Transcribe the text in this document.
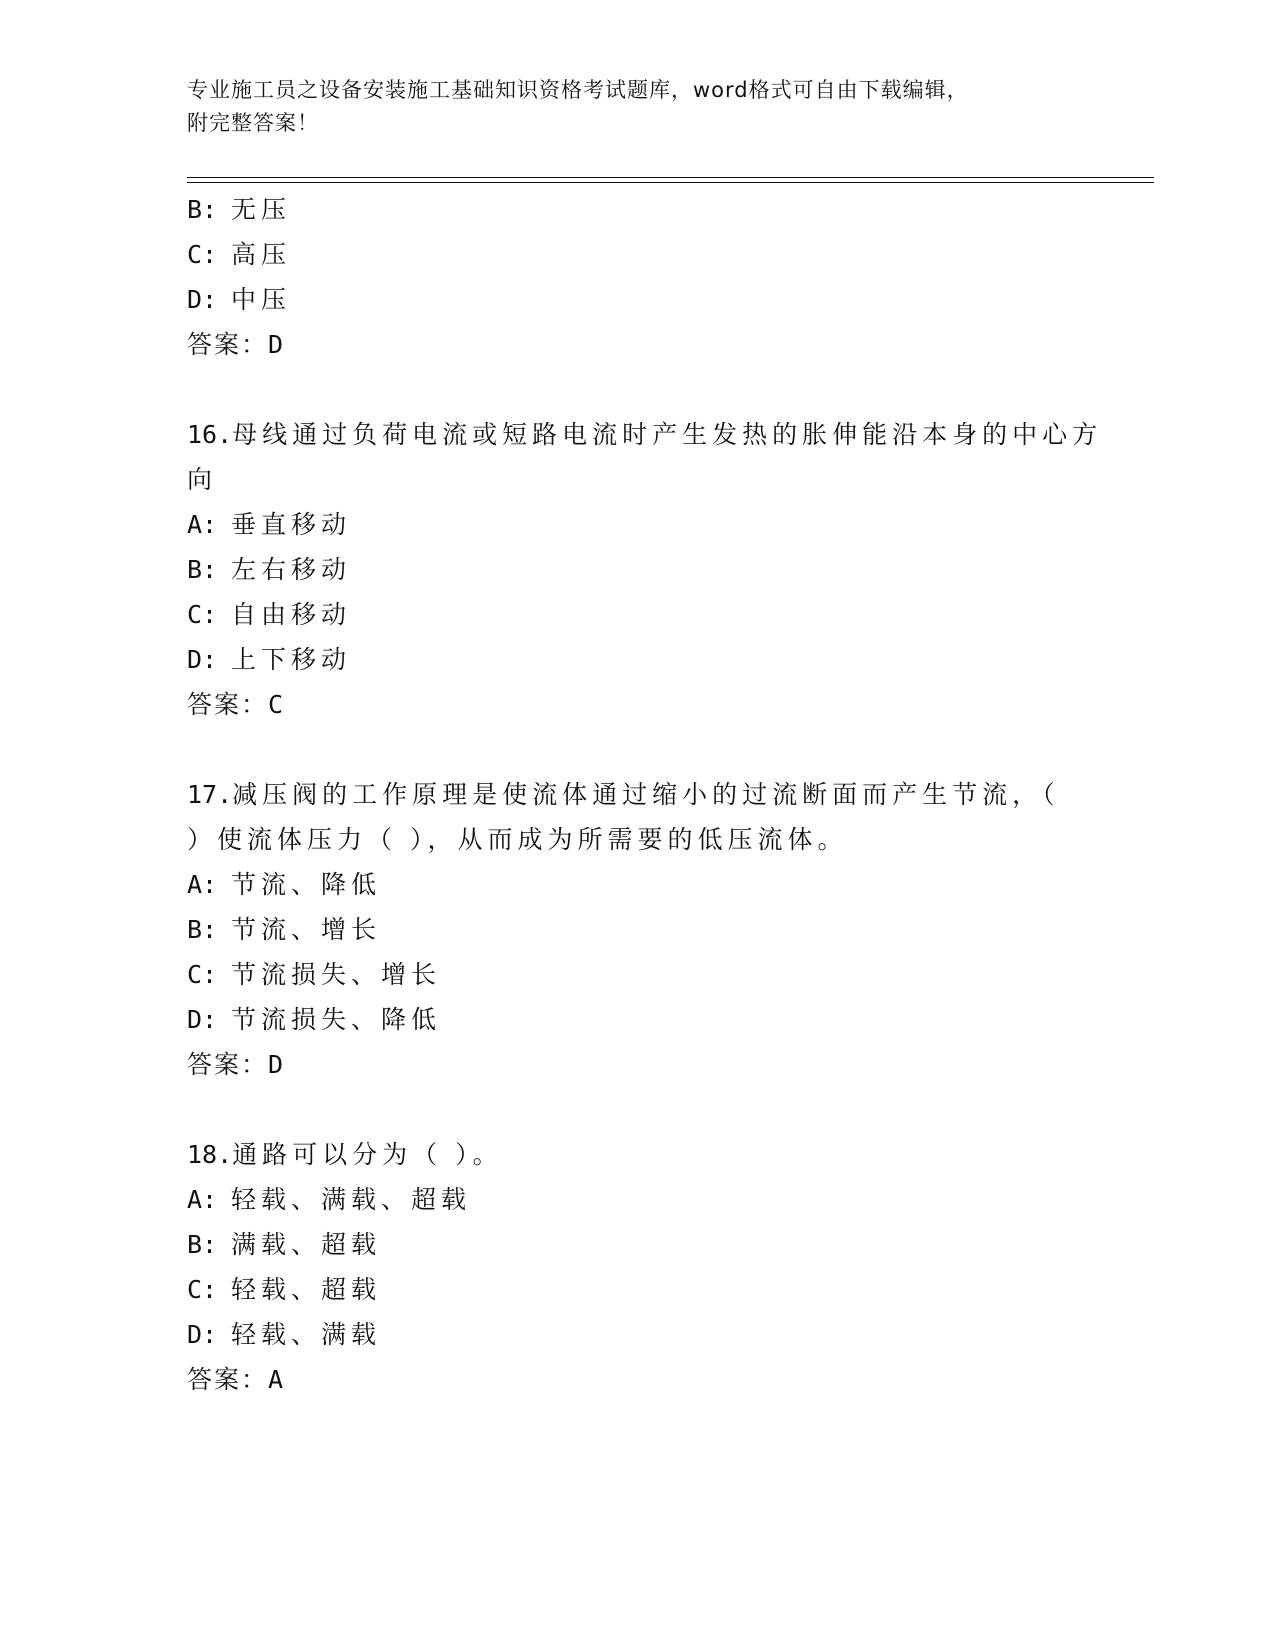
专业施工员之设备安装施工基础知识资格考试题库，word格式可自由下载编辑，
附完整答案！
B: 无压
C: 高压
D: 中压
答案：D
16.母线通过负荷电流或短路电流时产生发热的胀伸能沿本身的中心方
向
A: 垂直移动
B: 左右移动
C: 自由移动
D: 上下移动
答案：C
17.减压阀的工作原理是使流体通过缩小的过流断面而产生节流，（
）使流体压力（ ），从而成为所需要的低压流体。
A: 节流、降低
B: 节流、增长
C: 节流损失、增长
D: 节流损失、降低
答案：D
18.通路可以分为（ ）。
A: 轻载、满载、超载
B: 满载、超载
C: 轻载、超载
D: 轻载、满载
答案：A
